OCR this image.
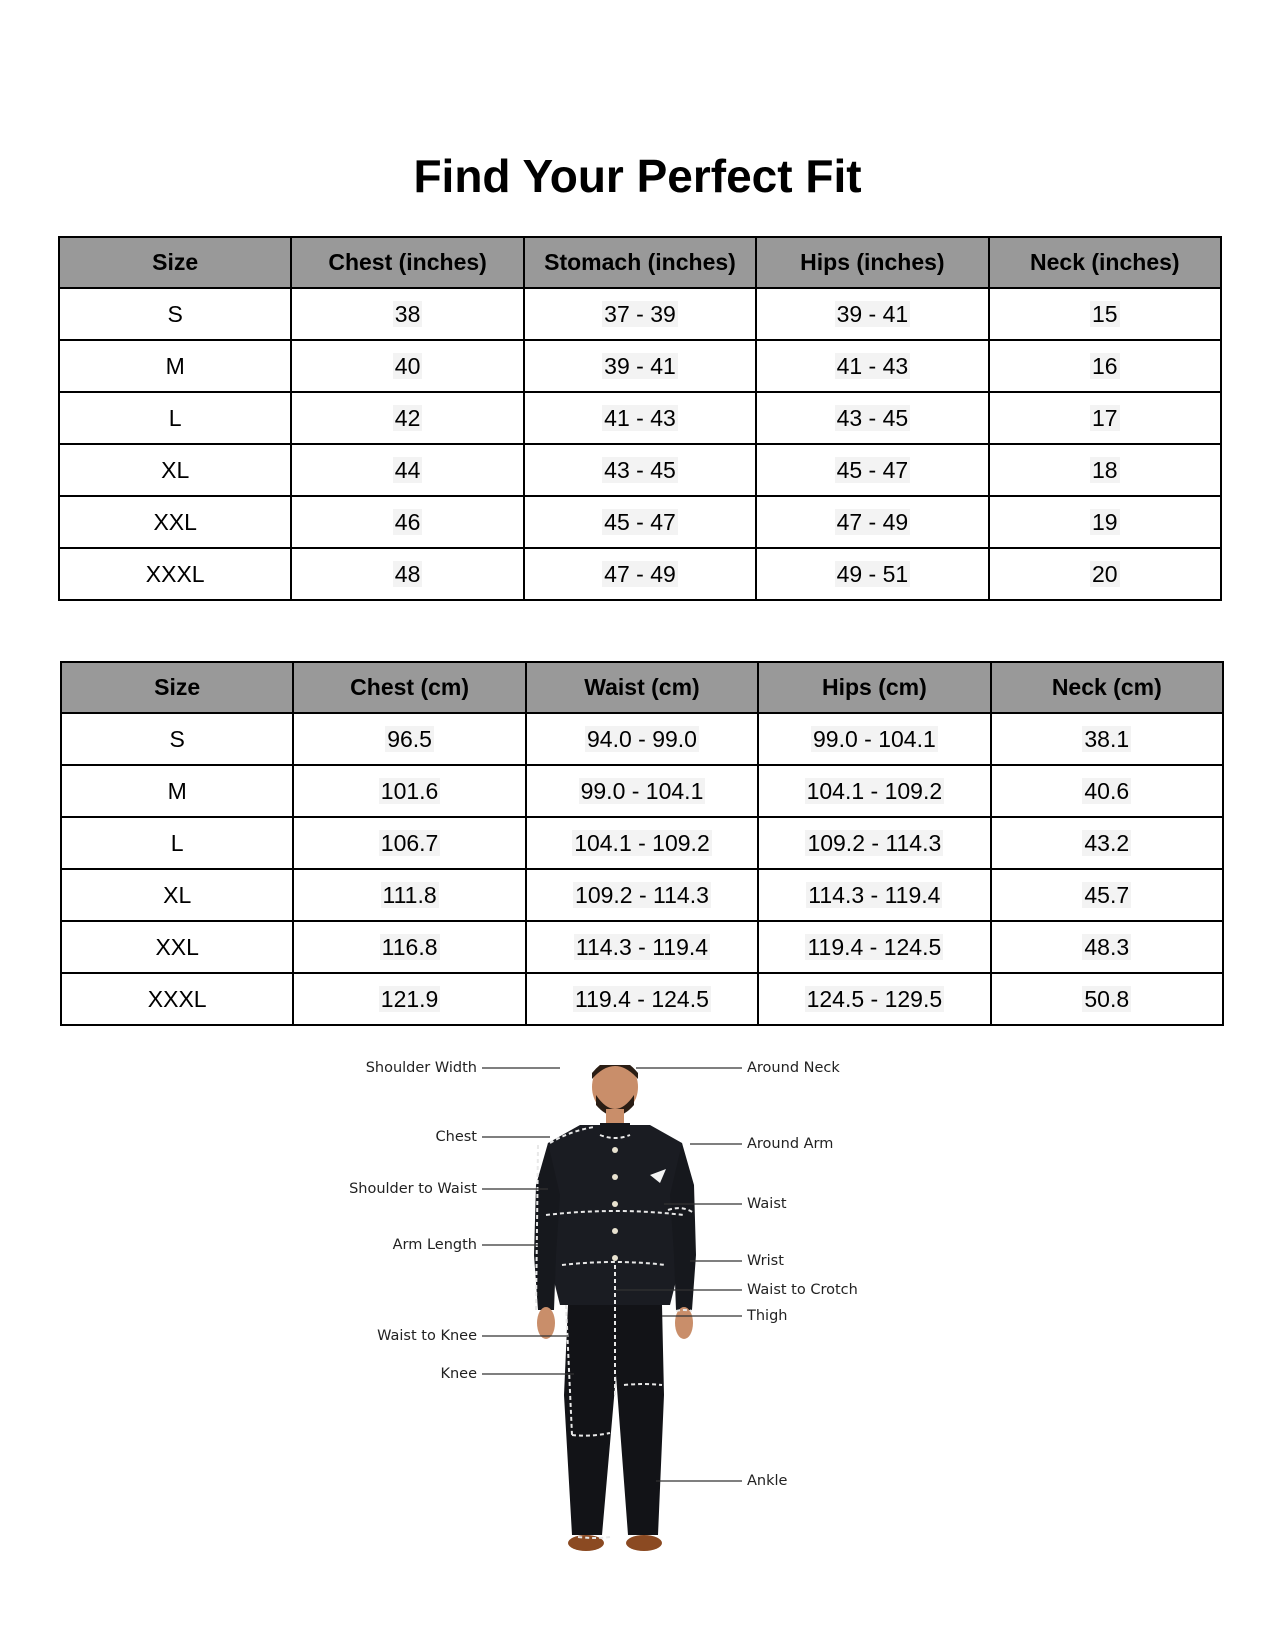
Find Your Perfect Fit
Size	Chest (inches)	Stomach (inches)	Hips (inches)	Neck (inches)
S	38	37 - 39	39 - 41	15
M	40	39 - 41	41 - 43	16
L	42	41 - 43	43 - 45	17
XL	44	43 - 45	45 - 47	18
XXL	46	45 - 47	47 - 49	19
XXXL	48	47 - 49	49 - 51	20
Size	Chest (cm)	Waist (cm)	Hips (cm)	Neck (cm)
S	96.5	94.0 - 99.0	99.0 - 104.1	38.1
M	101.6	99.0 - 104.1	104.1 - 109.2	40.6
L	106.7	104.1 - 109.2	109.2 - 114.3	43.2
XL	111.8	109.2 - 114.3	114.3 - 119.4	45.7
XXL	116.8	114.3 - 119.4	119.4 - 124.5	48.3
XXXL	121.9	119.4 - 124.5	124.5 - 129.5	50.8
Shoulder Width
Chest
Shoulder to Waist
Arm Length
Waist to Knee
Knee
Around Neck
Around Arm
Waist
Wrist
Waist to Crotch
Thigh
Ankle
